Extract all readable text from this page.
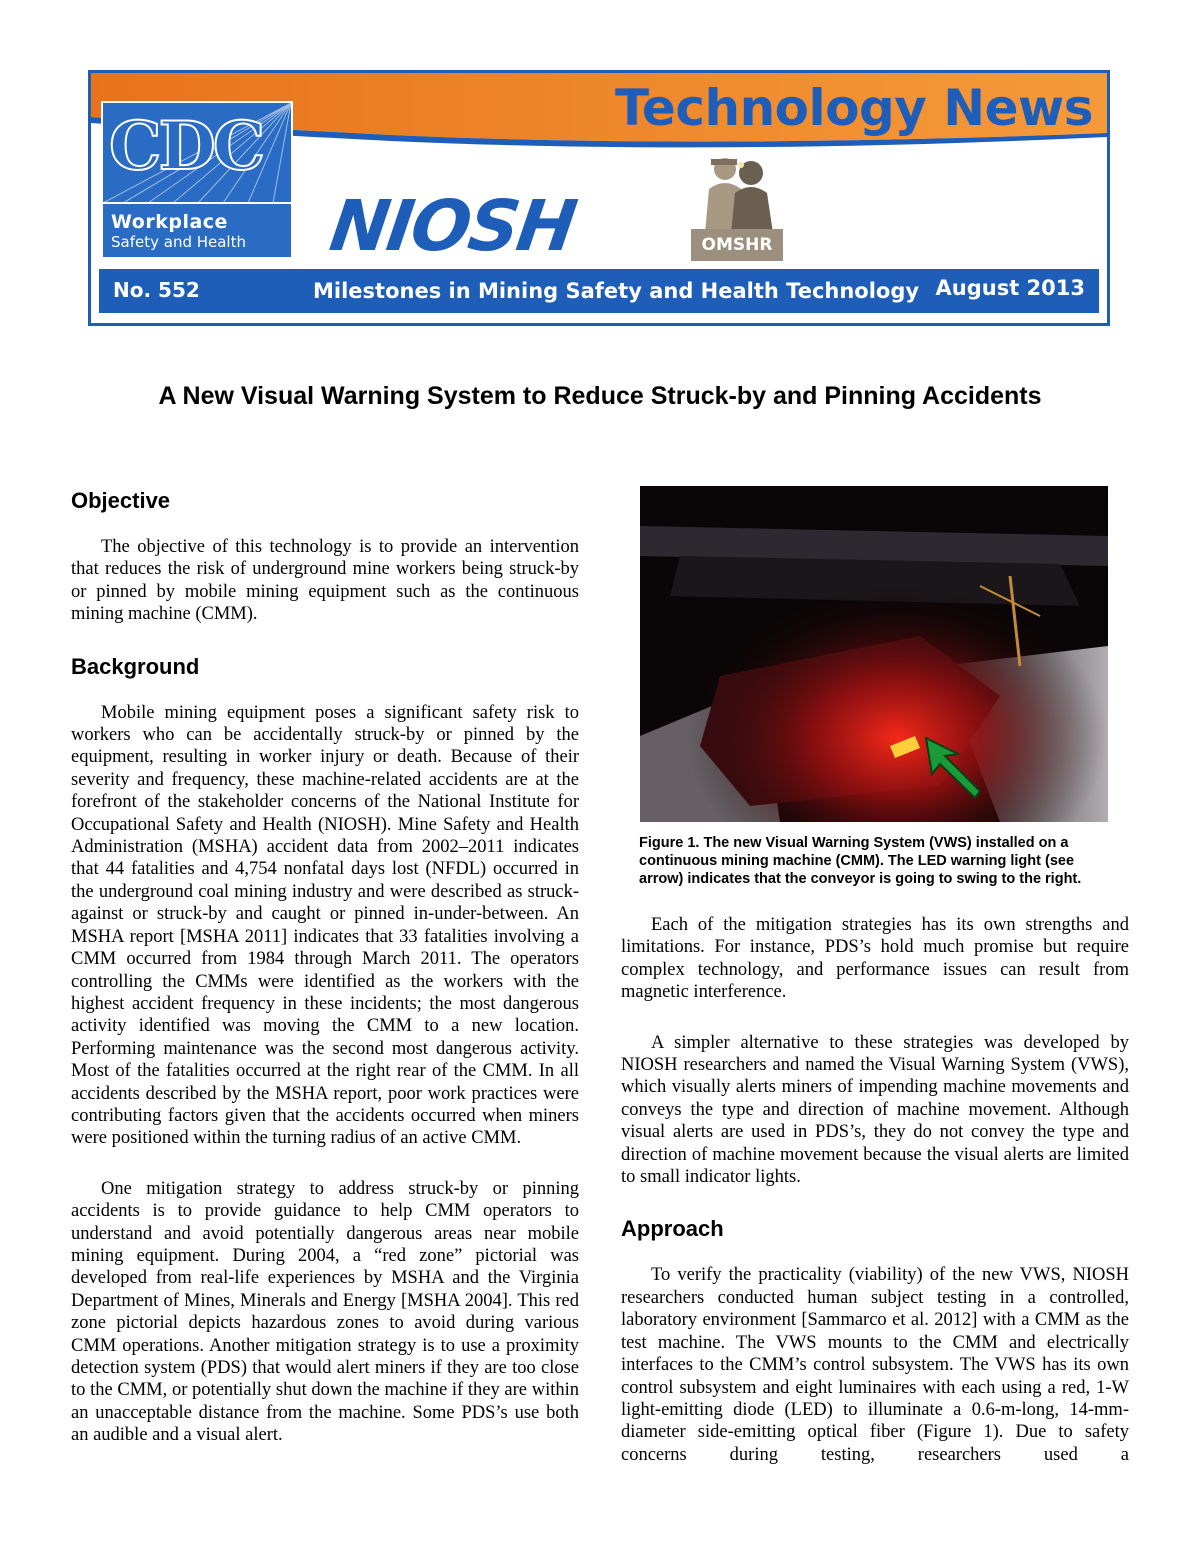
Technology News
CDC
Workplace
Safety and Health NIOSH	OMSHR
No. 552	Milestones in Mining Safety and Health Technology August 2013
A New Visual Warning System to Reduce Struck-by and Pinning Accidents
Objective

The objective of this technology is to provide an intervention that reduces the risk of underground mine workers being struck-by or pinned by mobile mining equipment such as the continuous mining machine (CMM).

Background

Mobile mining equipment poses a significant safety risk to workers who can be accidentally struck-by or pinned by the equipment, resulting in worker injury or death. Because of their severity and frequency, these machine-related accidents are at the forefront of the stakeholder concerns of the National Institute for Occupational Safety and Health (NIOSH). Mine Safety and Health Administration (MSHA) accident data from 2002–2011 indicates that 44 fatalities and 4,754 nonfatal days lost (NFDL) occurred in the underground coal mining industry and were described as struck-against or struck-by and caught or pinned in-under-between. An MSHA report [MSHA 2011] indicates that 33 fatalities involving a CMM occurred from 1984 through March 2011. The operators controlling the CMMs were identified as the workers with the highest accident frequency in these incidents; the most dangerous activity identified was moving the CMM to a new location. Performing maintenance was the second most dangerous activity. Most of the fatalities occurred at the right rear of the CMM. In all accidents described by the MSHA report, poor work practices were contributing factors given that the accidents occurred when miners were positioned within the turning radius of an active CMM.

One mitigation strategy to address struck-by or pinning accidents is to provide guidance to help CMM operators to understand and avoid potentially dangerous areas near mobile mining equipment. During 2004, a “red zone” pictorial was developed from real-life experiences by MSHA and the Virginia Department of Mines, Minerals and Energy [MSHA 2004]. This red zone pictorial depicts hazardous zones to avoid during various CMM operations. Another mitigation strategy is to use a proximity detection system (PDS) that would alert miners if they are too close to the CMM, or potentially shut down the machine if they are within an unacceptable distance from the machine. Some PDS’s use both an audible and a visual alert.

Figure 1. The new Visual Warning System (VWS) installed on a continuous mining machine (CMM). The LED warning light (see arrow) indicates that the conveyor is going to swing to the right.

Each of the mitigation strategies has its own strengths and limitations. For instance, PDS’s hold much promise but require complex technology, and performance issues can result from magnetic interference.

A simpler alternative to these strategies was developed by NIOSH researchers and named the Visual Warning System (VWS), which visually alerts miners of impending machine movements and conveys the type and direction of machine movement. Although visual alerts are used in PDS’s, they do not convey the type and direction of machine movement because the visual alerts are limited to small indicator lights.

Approach

To verify the practicality (viability) of the new VWS, NIOSH researchers conducted human subject testing in a controlled, laboratory environment [Sammarco et al. 2012] with a CMM as the test machine. The VWS mounts to the CMM and electrically interfaces to the CMM’s control subsystem. The VWS has its own control subsystem and eight luminaires with each using a red, 1-W light-emitting diode (LED) to illuminate a 0.6-m-long, 14-mm-diameter side-emitting optical fiber (Figure 1). Due to safety concerns during testing, researchers used a
